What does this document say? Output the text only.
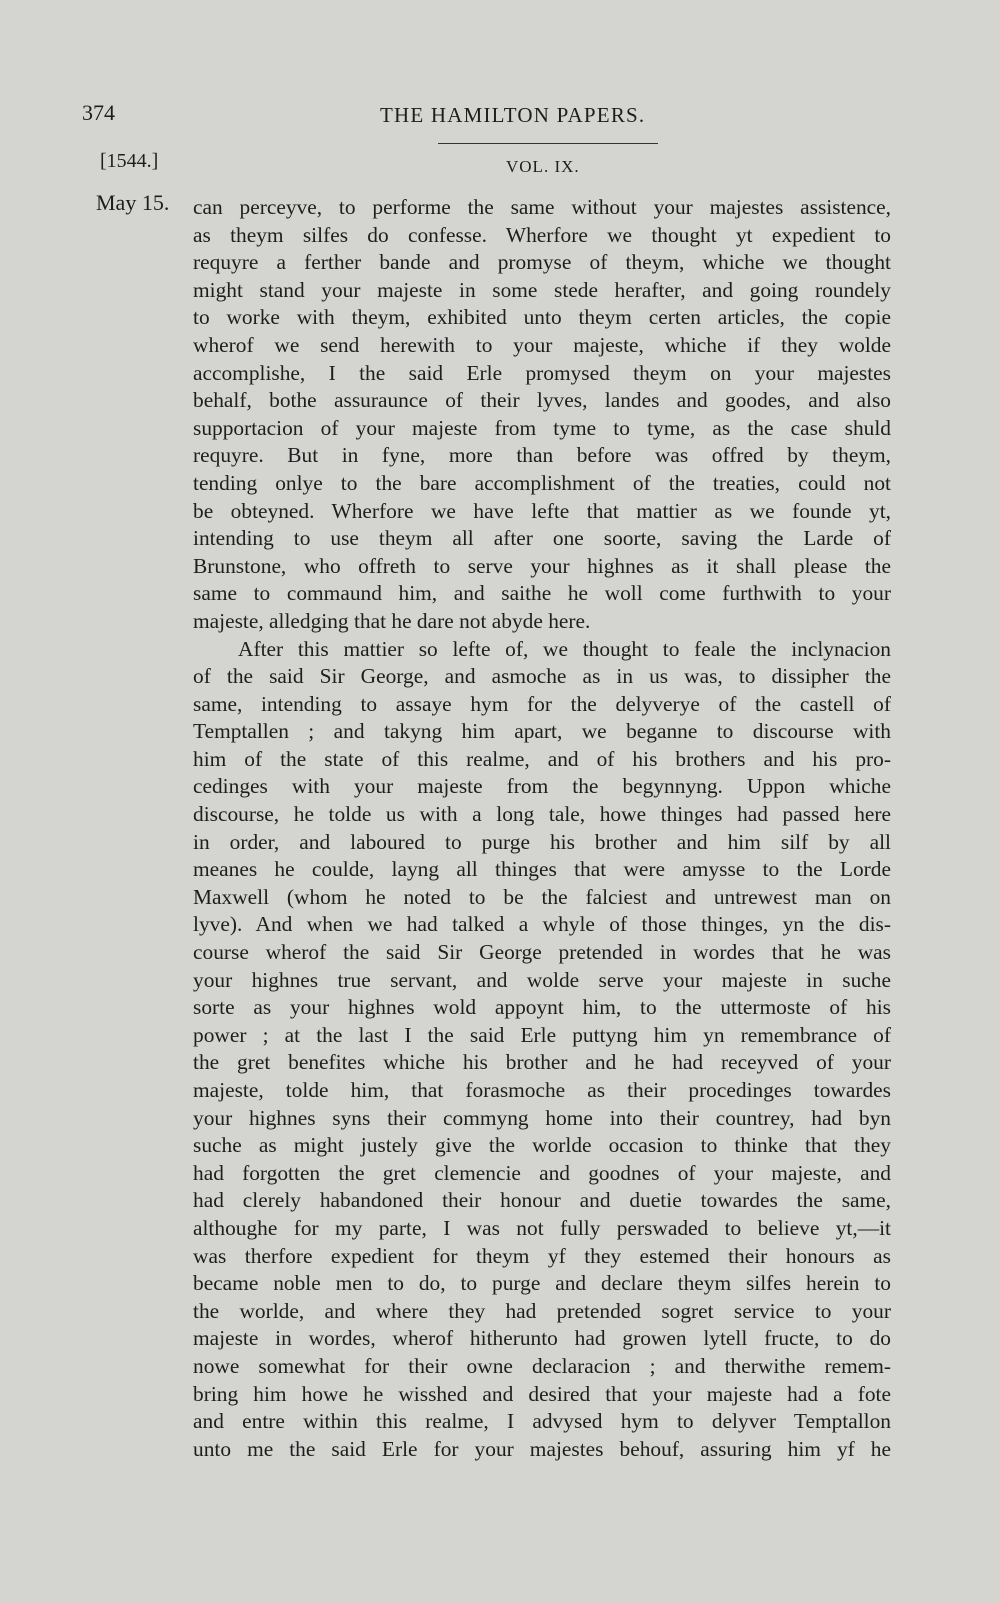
374	THE HAMILTON PAPERS.
[1544.]	VOL. IX.
May 15. can perceyve, to performe the same without your majestes assistence,
as theym silfes do confesse. Wherfore we thought yt expedient to
requyre a ferther bande and promyse of theym, whiche we thought
might stand your majeste in some stede herafter, and going roundely
to worke with theym, exhibited unto theym certen articles, the copie
wherof we send herewith to your majeste, whiche if they wolde
accomplishe, I the said Erle promysed theym on your majestes
behalf, bothe assuraunce of their lyves, landes and goodes, and also
supportacion of your majeste from tyme to tyme, as the case shuld
requyre. But in fyne, more than before was offred by theym,
tending onlye to the bare accomplishment of the treaties, could not
be obteyned. Wherfore we have lefte that mattier as we founde yt,
intending to use theym all after one soorte, saving the Larde of
Brunstone, who offreth to serve your highnes as it shall please the
same to commaund him, and saithe he woll come furthwith to your
majeste, alledging that he dare not abyde here.
After this mattier so lefte of, we thought to feale the inclynacion
of the said Sir George, and asmoche as in us was, to dissipher the
same, intending to assaye hym for the delyverye of the castell of
Temptallen ; and takyng him apart, we beganne to discourse with
him of the state of this realme, and of his brothers and his pro-
cedinges with your majeste from the begynnyng. Uppon whiche
discourse, he tolde us with a long tale, howe thinges had passed here
in order, and laboured to purge his brother and him silf by all
meanes he coulde, layng all thinges that were amysse to the Lorde
Maxwell (whom he noted to be the falciest and untrewest man on
lyve). And when we had talked a whyle of those thinges, yn the dis-
course wherof the said Sir George pretended in wordes that he was
your highnes true servant, and wolde serve your majeste in suche
sorte as your highnes wold appoynt him, to the uttermoste of his
power ; at the last I the said Erle puttyng him yn remembrance of
the gret benefites whiche his brother and he had receyved of your
majeste, tolde him, that forasmoche as their procedinges towardes
your highnes syns their commyng home into their countrey, had byn
suche as might justely give the worlde occasion to thinke that they
had forgotten the gret clemencie and goodnes of your majeste, and
had clerely habandoned their honour and duetie towardes the same,
althoughe for my parte, I was not fully perswaded to believe yt,—it
was therfore expedient for theym yf they estemed their honours as
became noble men to do, to purge and declare theym silfes herein to
the worlde, and where they had pretended sogret service to your
majeste in wordes, wherof hitherunto had growen lytell fructe, to do
nowe somewhat for their owne declaracion ; and therwithe remem-
bring him howe he wisshed and desired that your majeste had a fote
and entre within this realme, I advysed hym to delyver Temptallon
unto me the said Erle for your majestes behouf, assuring him yf he
